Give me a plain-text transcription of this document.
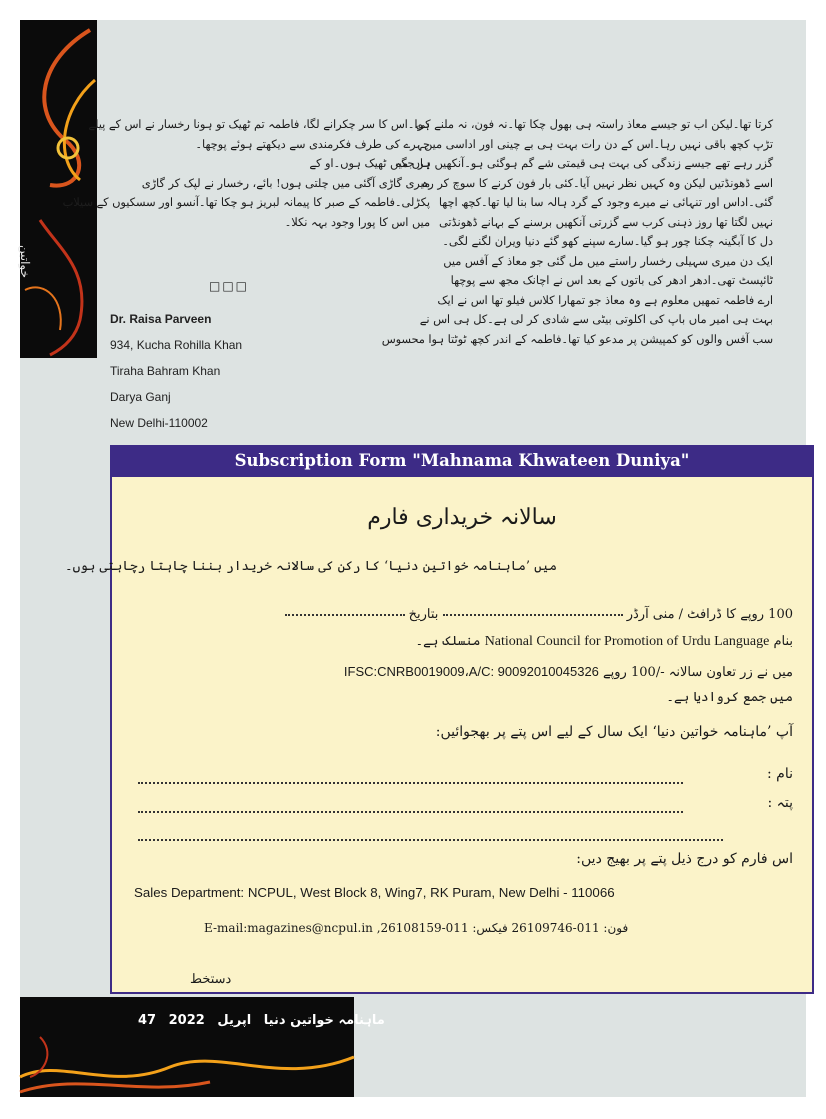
خواتین
کرتا تھا۔لیکن اب تو جیسے معاذ راستہ ہی بھول چکا تھا۔نہ فون، نہ ملنے کی
تڑپ کچھ باقی نہیں رہا۔اس کے دن رات بہت ہی بے چینی اور اداسی میں
گزر رہے تھے جیسے زندگی کی بہت ہی قیمتی شے گم ہوگئی ہو۔آنکھیں ہر جگہ
اسے ڈھونڈتیں لیکن وہ کہیں نظر نہیں آیا۔کئی بار فون کرنے کا سوچ کر رہ
گئی۔اداس اور تنہائی نے میرے وجود کے گرد ہالہ سا بنا لیا تھا۔کچھ اچھا
نہیں لگتا تھا روز ذہنی کرب سے گزرتی آنکھیں برسنے کے بہانے ڈھونڈتی
دل کا آبگینہ چکنا چور ہو گیا۔سارے سپنے کھو گئے دنیا ویران لگنے لگی۔
ایک دن میری سہیلی رخسار راستے میں مل گئی جو معاذ کے آفس میں
ٹائپسٹ تھی۔ادھر ادھر کی باتوں کے بعد اس نے اچانک مجھ سے پوچھا
ارے فاطمہ تمھیں معلوم ہے وہ معاذ جو تمھارا کلاس فیلو تھا اس نے ایک
بہت ہی امیر ماں باپ کی اکلوتی بیٹی سے شادی کر لی ہے۔کل ہی اس نے
سب آفس والوں کو کمپیشن پر مدعو کیا تھا۔فاطمہ کے اندر کچھ ٹوٹتا ہوا محسوس
ہوا۔اس کا سر چکرانے لگا، فاطمہ تم ٹھیک تو ہونا رخسار نے اس کے پیلے
چہرے کی طرف فکرمندی سے دیکھتے ہوئے پوچھا۔
ہاں میں ٹھیک ہوں۔او کے
میری گاڑی آگئی میں چلتی ہوں! بائے، رخسار نے لپک کر گاڑی
پکڑلی۔فاطمہ کے صبر کا پیمانہ لبریز ہو چکا تھا۔آنسو اور سسکیوں کے سیلاب
میں اس کا پورا وجود بہہ نکلا۔
□□□
Dr. Raisa Parveen
934, Kucha Rohilla Khan
Tiraha Bahram Khan
Darya Ganj
New Delhi-110002
Subscription Form "Mahnama Khwateen Duniya"
سالانہ خریداری فارم
میں ’ماہنامہ خواتین دنیا‘ کا رکن کی سالانہ خریدار بننا چاہتا رچاہتی ہوں۔
100 روپے کا ڈرافٹ / منی آرڈر  بتاریخ
بنام National Council for Promotion of Urdu Language منسلک ہے۔
میں نے زر تعاون سالانہ -/100 روپے IFSC:CNRB0019009،A/C: 90092010045326
میں جمع کروادیا ہے۔
آپ ’ماہنامہ خواتین دنیا‘ ایک سال کے لیے اس پتے پر بھجوائیں:
نام :
پتہ :
اس فارم کو درج ذیل پتے پر بھیج دیں:
Sales Department: NCPUL, West Block 8, Wing7, RK Puram, New Delhi - 110066
فون: 011-26109746 فیکس: 011-26108159, E-mail:magazines@ncpul.in
دستخط
ماہنامہ خواتین دنیا اپریل 2022 47
